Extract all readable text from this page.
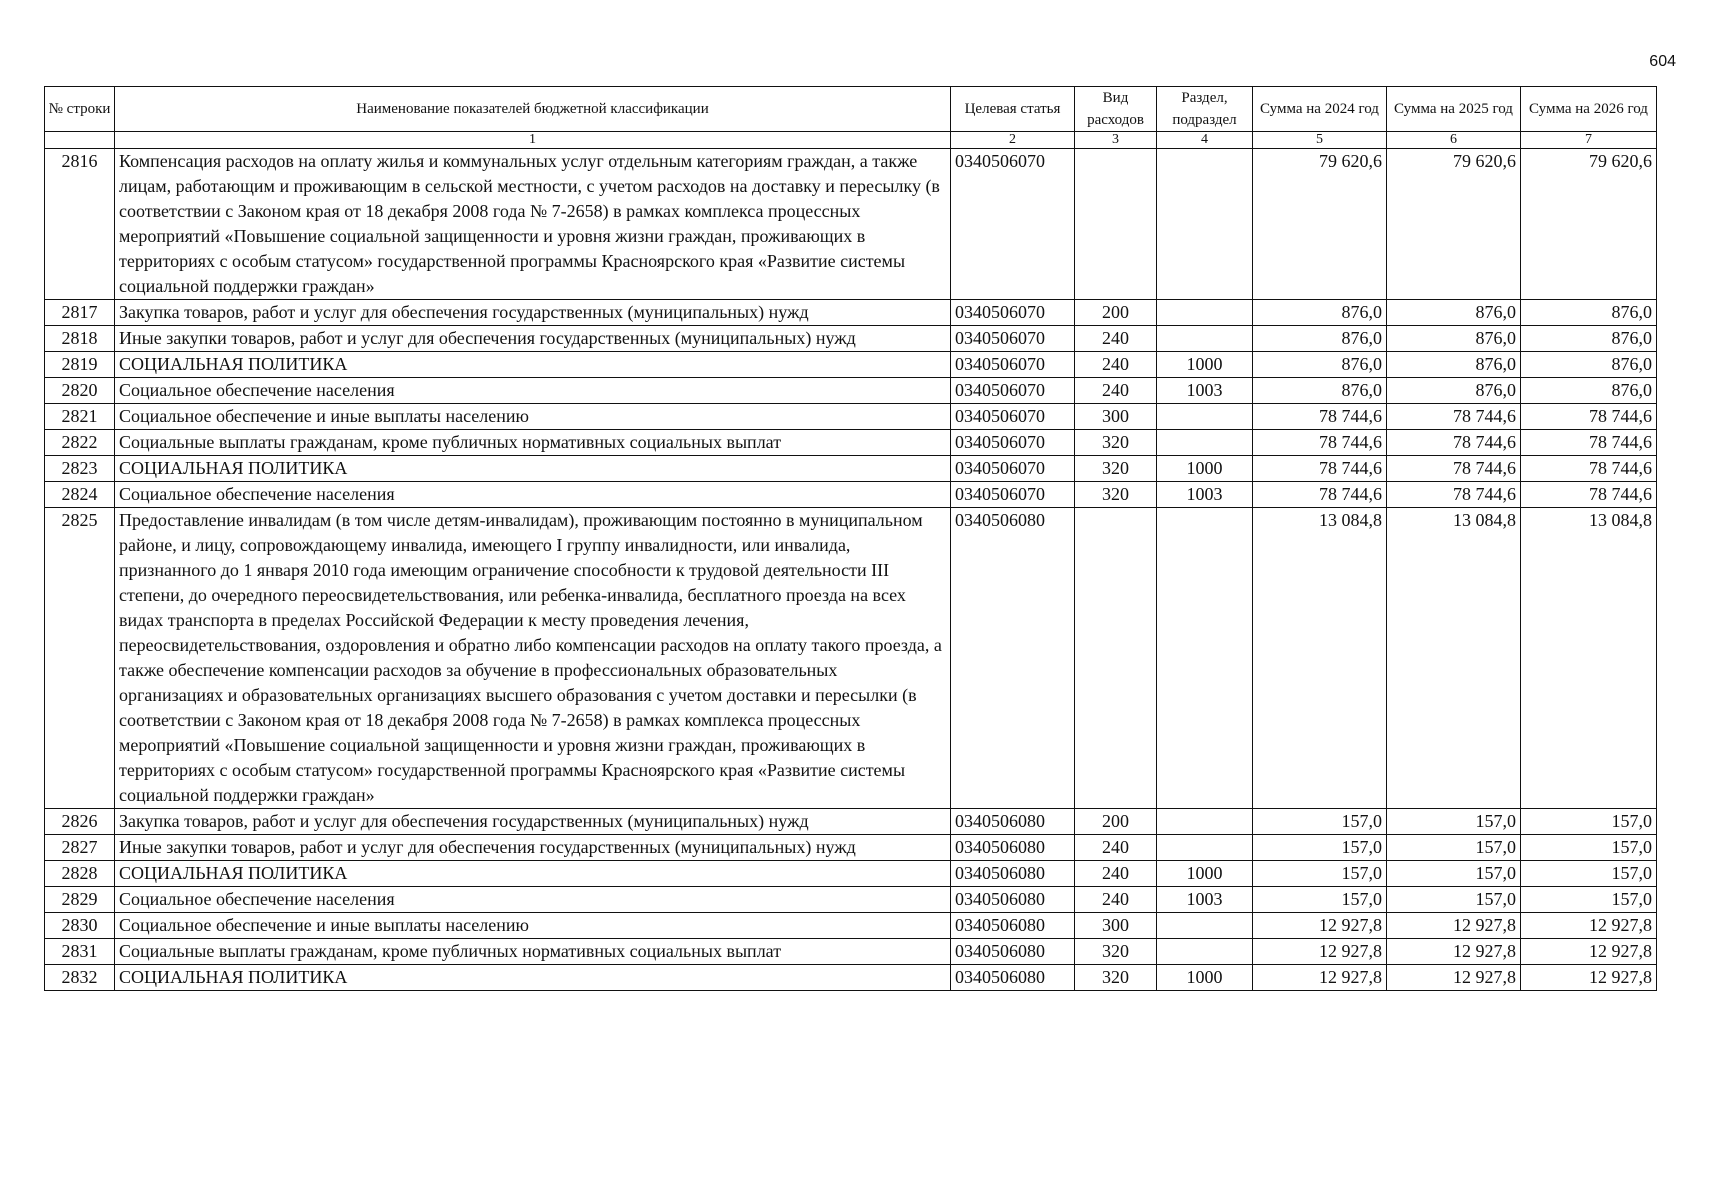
604
№ строки	Наименование показателей бюджетной классификации	Целевая статья	Вид расходов	Раздел, подраздел	Сумма на 2024 год	Сумма на 2025 год	Сумма на 2026 год
	1	2	3	4	5	6	7
2816	Компенсация расходов на оплату жилья и коммунальных услуг отдельным категориям граждан, а также лицам, работающим и проживающим в сельской местности, с учетом расходов на доставку и пересылку (в соответствии с Законом края от 18 декабря 2008 года № 7-2658) в рамках комплекса процессных мероприятий «Повышение социальной защищенности и уровня жизни граждан, проживающих в территориях с особым статусом» государственной программы Красноярского края «Развитие системы социальной поддержки граждан»	0340506070			79 620,6	79 620,6	79 620,6
2817	Закупка товаров, работ и услуг для обеспечения государственных (муниципальных) нужд	0340506070	200		876,0	876,0	876,0
2818	Иные закупки товаров, работ и услуг для обеспечения государственных (муниципальных) нужд	0340506070	240		876,0	876,0	876,0
2819	СОЦИАЛЬНАЯ ПОЛИТИКА	0340506070	240	1000	876,0	876,0	876,0
2820	Социальное обеспечение населения	0340506070	240	1003	876,0	876,0	876,0
2821	Социальное обеспечение и иные выплаты населению	0340506070	300		78 744,6	78 744,6	78 744,6
2822	Социальные выплаты гражданам, кроме публичных нормативных социальных выплат	0340506070	320		78 744,6	78 744,6	78 744,6
2823	СОЦИАЛЬНАЯ ПОЛИТИКА	0340506070	320	1000	78 744,6	78 744,6	78 744,6
2824	Социальное обеспечение населения	0340506070	320	1003	78 744,6	78 744,6	78 744,6
2825	Предоставление инвалидам (в том числе детям-инвалидам), проживающим постоянно в муниципальном районе, и лицу, сопровождающему инвалида, имеющего I группу инвалидности, или инвалида, признанного до 1 января 2010 года имеющим ограничение способности к трудовой деятельности III степени, до очередного переосвидетельствования, или ребенка-инвалида, бесплатного проезда на всех видах транспорта в пределах Российской Федерации к месту проведения лечения, переосвидетельствования, оздоровления и обратно либо компенсации расходов на оплату такого проезда, а также обеспечение компенсации расходов за обучение в профессиональных образовательных организациях и образовательных организациях высшего образования с учетом доставки и пересылки (в соответствии с Законом края от 18 декабря 2008 года № 7-2658) в рамках комплекса процессных мероприятий «Повышение социальной защищенности и уровня жизни граждан, проживающих в территориях с особым статусом» государственной программы Красноярского края «Развитие системы социальной поддержки граждан»	0340506080			13 084,8	13 084,8	13 084,8
2826	Закупка товаров, работ и услуг для обеспечения государственных (муниципальных) нужд	0340506080	200		157,0	157,0	157,0
2827	Иные закупки товаров, работ и услуг для обеспечения государственных (муниципальных) нужд	0340506080	240		157,0	157,0	157,0
2828	СОЦИАЛЬНАЯ ПОЛИТИКА	0340506080	240	1000	157,0	157,0	157,0
2829	Социальное обеспечение населения	0340506080	240	1003	157,0	157,0	157,0
2830	Социальное обеспечение и иные выплаты населению	0340506080	300		12 927,8	12 927,8	12 927,8
2831	Социальные выплаты гражданам, кроме публичных нормативных социальных выплат	0340506080	320		12 927,8	12 927,8	12 927,8
2832	СОЦИАЛЬНАЯ ПОЛИТИКА	0340506080	320	1000	12 927,8	12 927,8	12 927,8
